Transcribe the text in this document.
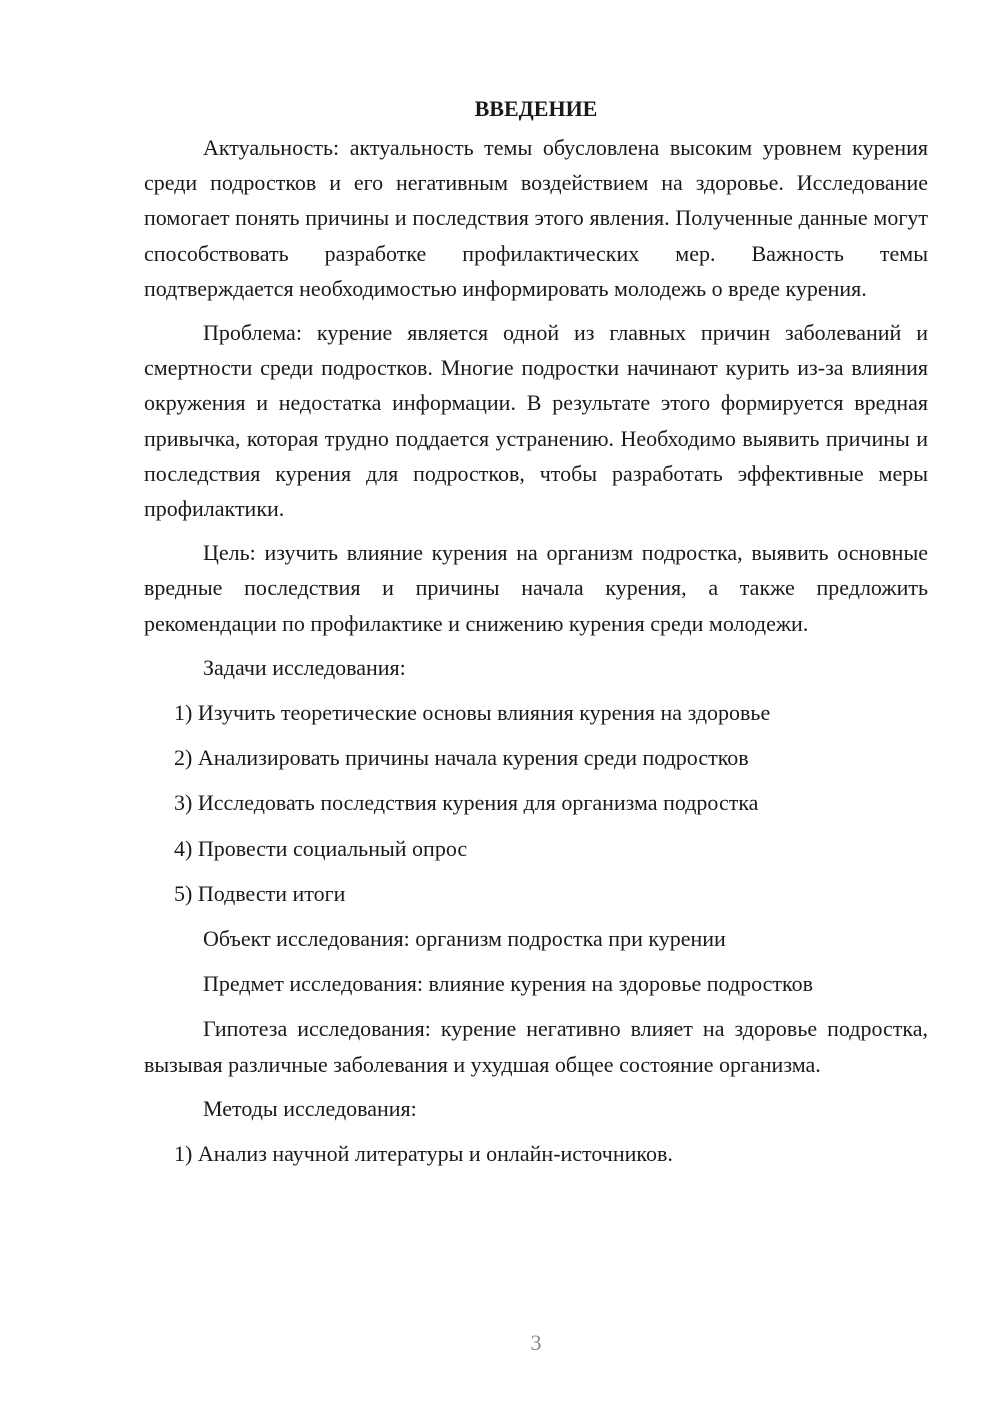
ВВЕДЕНИЕ

Актуальность: актуальность темы обусловлена высоким уровнем курения среди подростков и его негативным воздействием на здоровье. Исследование помогает понять причины и последствия этого явления. Полученные данные могут способствовать разработке профилактических мер. Важность темы подтверждается необходимостью информировать молодежь о вреде курения.

Проблема: курение является одной из главных причин заболеваний и смертности среди подростков. Многие подростки начинают курить из-за влияния окружения и недостатка информации. В результате этого формируется вредная привычка, которая трудно поддается устранению. Необходимо выявить причины и последствия курения для подростков, чтобы разработать эффективные меры профилактики.

Цель: изучить влияние курения на организм подростка, выявить основные вредные последствия и причины начала курения, а также предложить рекомендации по профилактике и снижению курения среди молодежи.

Задачи исследования:

1) Изучить теоретические основы влияния курения на здоровье

2) Анализировать причины начала курения среди подростков

3) Исследовать последствия курения для организма подростка

4) Провести социальный опрос

5) Подвести итоги

Объект исследования: организм подростка при курении

Предмет исследования: влияние курения на здоровье подростков

Гипотеза исследования: курение негативно влияет на здоровье подростка, вызывая различные заболевания и ухудшая общее состояние организма.

Методы исследования:

1) Анализ научной литературы и онлайн-источников.

3
